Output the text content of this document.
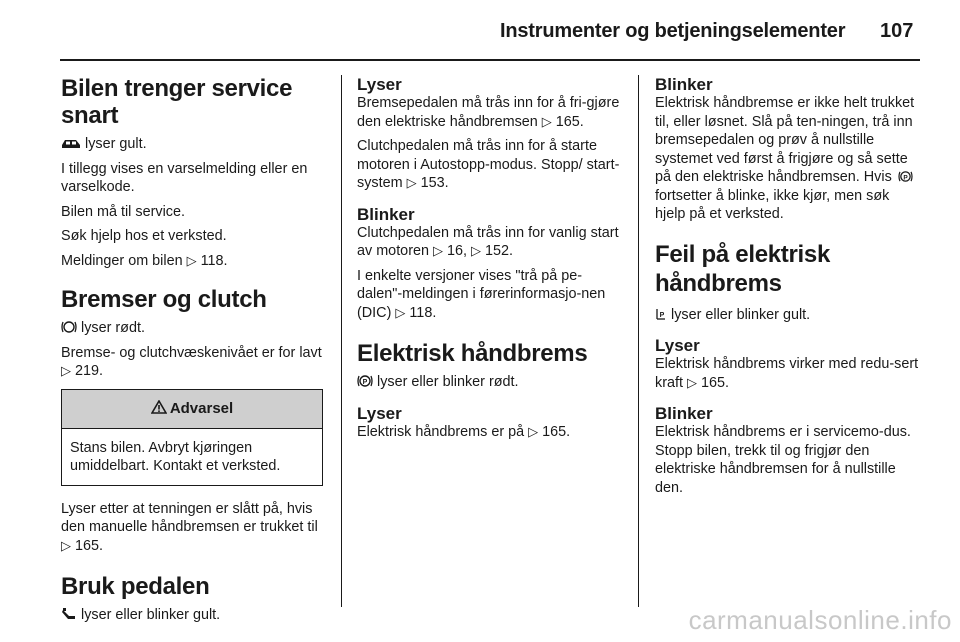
Instrumenter og betjeningselementer 107
Bilen trenger service snart

lyser gult.

I tillegg vises en varselmelding eller en varselkode.

Bilen må til service.

Søk hjelp hos et verksted.

Meldinger om bilen ▷ 118.

Bremser og clutch

lyser rødt.

Bremse- og clutchvæskenivået er for lavt ▷ 219.

Advarsel
Stans bilen. Avbryt kjøringen umiddelbart. Kontakt et verksted.

Lyser etter at tenningen er slått på, hvis den manuelle håndbremsen er trukket til ▷ 165.

Bruk pedalen

lyser eller blinker gult.

Lyser

Bremsepedalen må trås inn for å fri-gjøre den elektriske håndbremsen ▷ 165.

Clutchpedalen må trås inn for å starte motoren i Autostopp-modus. Stopp/ start-system ▷ 153.

Blinker

Clutchpedalen må trås inn for vanlig start av motoren ▷ 16, ▷ 152.

I enkelte versjoner vises "trå på pe-dalen"-meldingen i førerinformasjo-nen (DIC) ▷ 118.

Elektrisk håndbrems

P lyser eller blinker rødt.

Lyser

Elektrisk håndbrems er på ▷ 165.

Blinker

Elektrisk håndbremse er ikke helt trukket til, eller løsnet. Slå på ten-ningen, trå inn bremsepedalen og prøv å nullstille systemet ved først å frigjøre og så sette på den elektriske håndbremsen. Hvis P
fortsetter å blinke, ikke kjør, men søk hjelp på et verksted.

Feil på elektrisk håndbrems

P lyser eller blinker gult.

Lyser

Elektrisk håndbrems virker med redu-sert kraft ▷ 165.

Blinker

Elektrisk håndbrems er i servicemo-dus. Stopp bilen, trekk til og frigjør den elektriske håndbremsen for å nullstille den.

carmanualsonline.info
